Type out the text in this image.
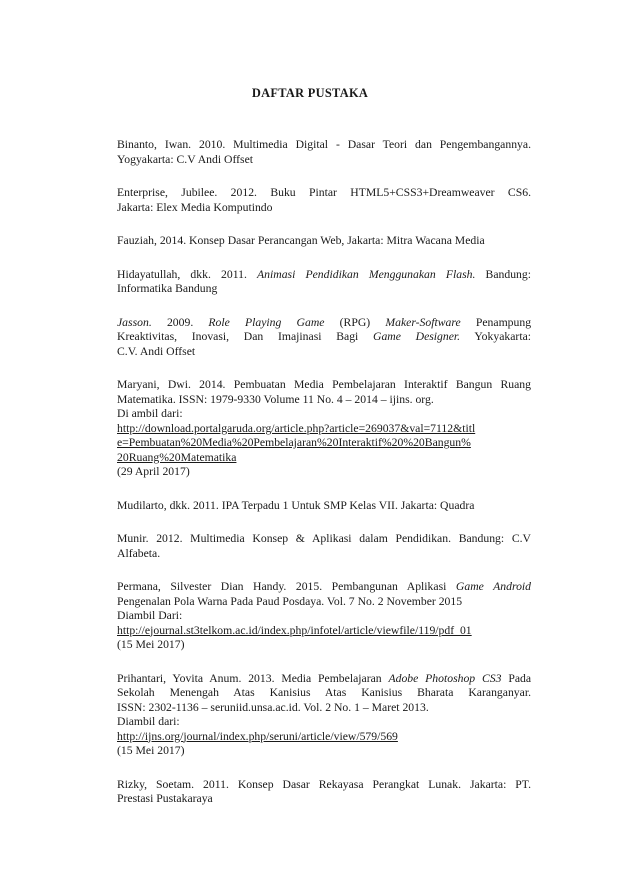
DAFTAR PUSTAKA

Binanto, Iwan. 2010. Multimedia Digital - Dasar Teori dan Pengembangannya.
Yogyakarta: C.V Andi Offset

Enterprise, Jubilee. 2012. Buku Pintar HTML5+CSS3+Dreamweaver CS6.
Jakarta: Elex Media Komputindo

Fauziah, 2014. Konsep Dasar Perancangan Web, Jakarta: Mitra Wacana Media

Hidayatullah, dkk. 2011. Animasi Pendidikan Menggunakan Flash. Bandung:
Informatika Bandung

Jasson. 2009. Role Playing Game (RPG) Maker-Software Penampung
Kreaktivitas, Inovasi, Dan Imajinasi Bagi Game Designer. Yokyakarta:
C.V. Andi Offset

Maryani, Dwi. 2014. Pembuatan Media Pembelajaran Interaktif Bangun Ruang
Matematika. ISSN: 1979-9330 Volume 11 No. 4 – 2014 – ijins. org.
Di ambil dari:
http://download.portalgaruda.org/article.php?article=269037&val=7112&titl
e=Pembuatan%20Media%20Pembelajaran%20Interaktif%20%20Bangun%
20Ruang%20Matematika
(29 April 2017)

Mudilarto, dkk. 2011. IPA Terpadu 1 Untuk SMP Kelas VII. Jakarta: Quadra

Munir. 2012. Multimedia Konsep & Aplikasi dalam Pendidikan. Bandung: C.V
Alfabeta.

Permana, Silvester Dian Handy. 2015. Pembangunan Aplikasi Game Android
Pengenalan Pola Warna Pada Paud Posdaya. Vol. 7 No. 2 November 2015
Diambil Dari:
http://ejournal.st3telkom.ac.id/index.php/infotel/article/viewfile/119/pdf_01
(15 Mei 2017)

Prihantari, Yovita Anum. 2013. Media Pembelajaran Adobe Photoshop CS3 Pada
Sekolah Menengah Atas Kanisius Atas Kanisius Bharata Karanganyar.
ISSN: 2302-1136 – seruniid.unsa.ac.id. Vol. 2 No. 1 – Maret 2013.
Diambil dari:
http://ijns.org/journal/index.php/seruni/article/view/579/569
(15 Mei 2017)

Rizky, Soetam. 2011. Konsep Dasar Rekayasa Perangkat Lunak. Jakarta: PT.
Prestasi Pustakaraya
